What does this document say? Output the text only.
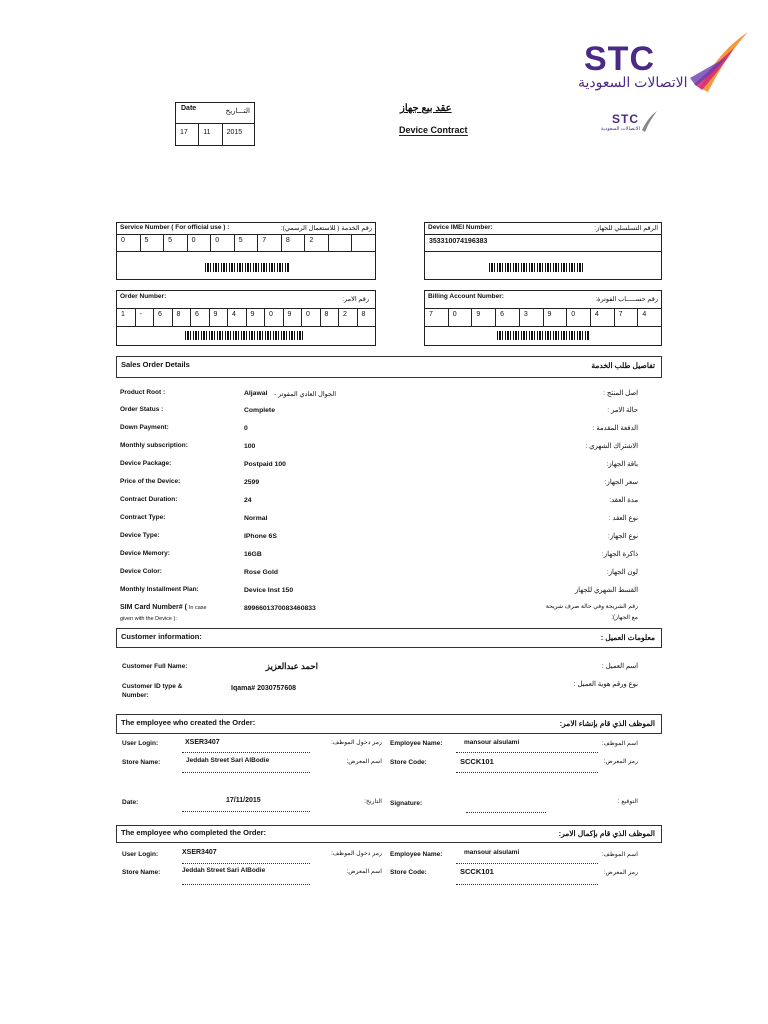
STC
الاتصالات السعودية
STC
الاتصالات السعودية
Date	التـــاريخ
17	11	2015
عقد بيع جهاز
Device Contract
Service Number ( For official use ) :	رقم الخدمة ( للاستعمال الرسمي):
0	5	5	0	0	5	7	8	2
Device IMEI Number:	الرقم التسلسلي للجهاز:
353310074196383
Order Number:	رقم الامر:
1	-	6	8	6	9	4	9	0	9	0	8	2	8
Billing Account Number:	رقم حســـــاب الفوترة:
7	0	9	6	3	9	0	4	7	4
Sales Order Details	تفاصيل طلب الخدمة
Product Root :	Aljawal	الجوال العادي المفوتر -	اصل المنتج :
Order Status :	Complete	حالة الامر :
Down Payment:	0	الدفعة المقدمة :
Monthly subscription:	100	الاشتراك الشهري :
Device Package:	Postpaid 100	باقة الجهاز:
Price of the Device:	2599	سعر الجهاز:
Contract Duration:	24	مدة العقد:
Contract Type:	Normal	نوع العقد :
Device Type:	IPhone 6S	نوع الجهاز:
Device Memory:	16GB	ذاكرة الجهاز:
Device Color:	Rose Gold	لون الجهاز:
Monthly Installment Plan:	Device Inst 150	القسط الشهري للجهاز
SIM Card Number# ( In case
given with the Device ):
8996601370083460833	رقم الشريحة وفي حالة صرف شريحة
مع الجهاز):
Customer information:	معلومات العميل :
Customer Full Name:	احمد عبدالعزيز	اسم العميل :
Customer ID type & Number:
Iqama# 2030757608
نوع ورقم هوية العميل :
The employee who created the Order:	الموظف الذي قام بإنشاء الامر:
User Login:	XSER3407	رمز دخول الموظف: Employee Name:	mansour alsulami	اسم الموظف:
Store Name:	Jeddah Street Sari AlBodie	اسم المعرض: Store Code:	SCCK101	رمز المعرض:
Date:	17/11/2015	التاريخ: Signature:	التوقيع :
The employee who completed the Order:	الموظف الذي قام بإكمال الامر:
User Login:	XSER3407	رمز دخول الموظف: Employee Name:	mansour alsulami	اسم الموظف:
Store Name:	Jeddah Street Sari AlBodie	اسم المعرض: Store Code:	SCCK101	رمز المعرض:
